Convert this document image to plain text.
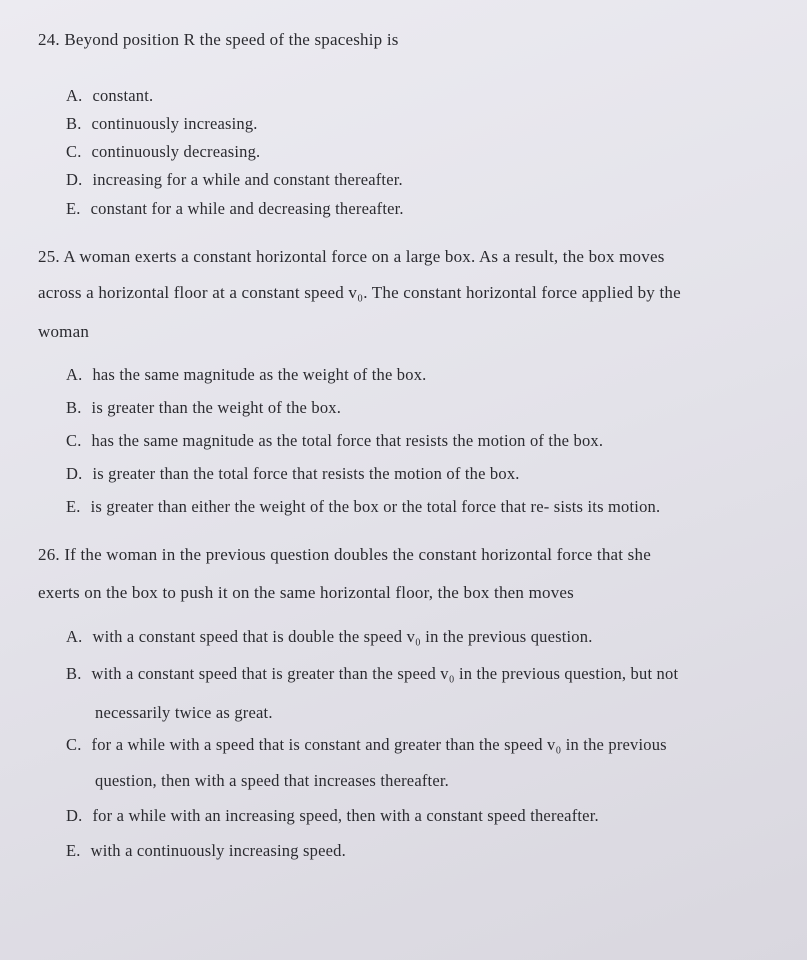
24. Beyond position R the speed of the spaceship is
A. constant.
B. continuously increasing.
C. continuously decreasing.
D. increasing for a while and constant thereafter.
E. constant for a while and decreasing thereafter.
25. A woman exerts a constant horizontal force on a large box. As a result, the box moves
across a horizontal floor at a constant speed v₀. The constant horizontal force applied by the
woman
A. has the same magnitude as the weight of the box.
B. is greater than the weight of the box.
C. has the same magnitude as the total force that resists the motion of the box.
D. is greater than the total force that resists the motion of the box.
E. is greater than either the weight of the box or the total force that re- sists its motion.
26. If the woman in the previous question doubles the constant horizontal force that she
exerts on the box to push it on the same horizontal floor, the box then moves
A. with a constant speed that is double the speed v₀ in the previous question.
B. with a constant speed that is greater than the speed v₀ in the previous question, but not
necessarily twice as great.
C. for a while with a speed that is constant and greater than the speed v₀ in the previous
question, then with a speed that increases thereafter.
D. for a while with an increasing speed, then with a constant speed thereafter.
E. with a continuously increasing speed.
